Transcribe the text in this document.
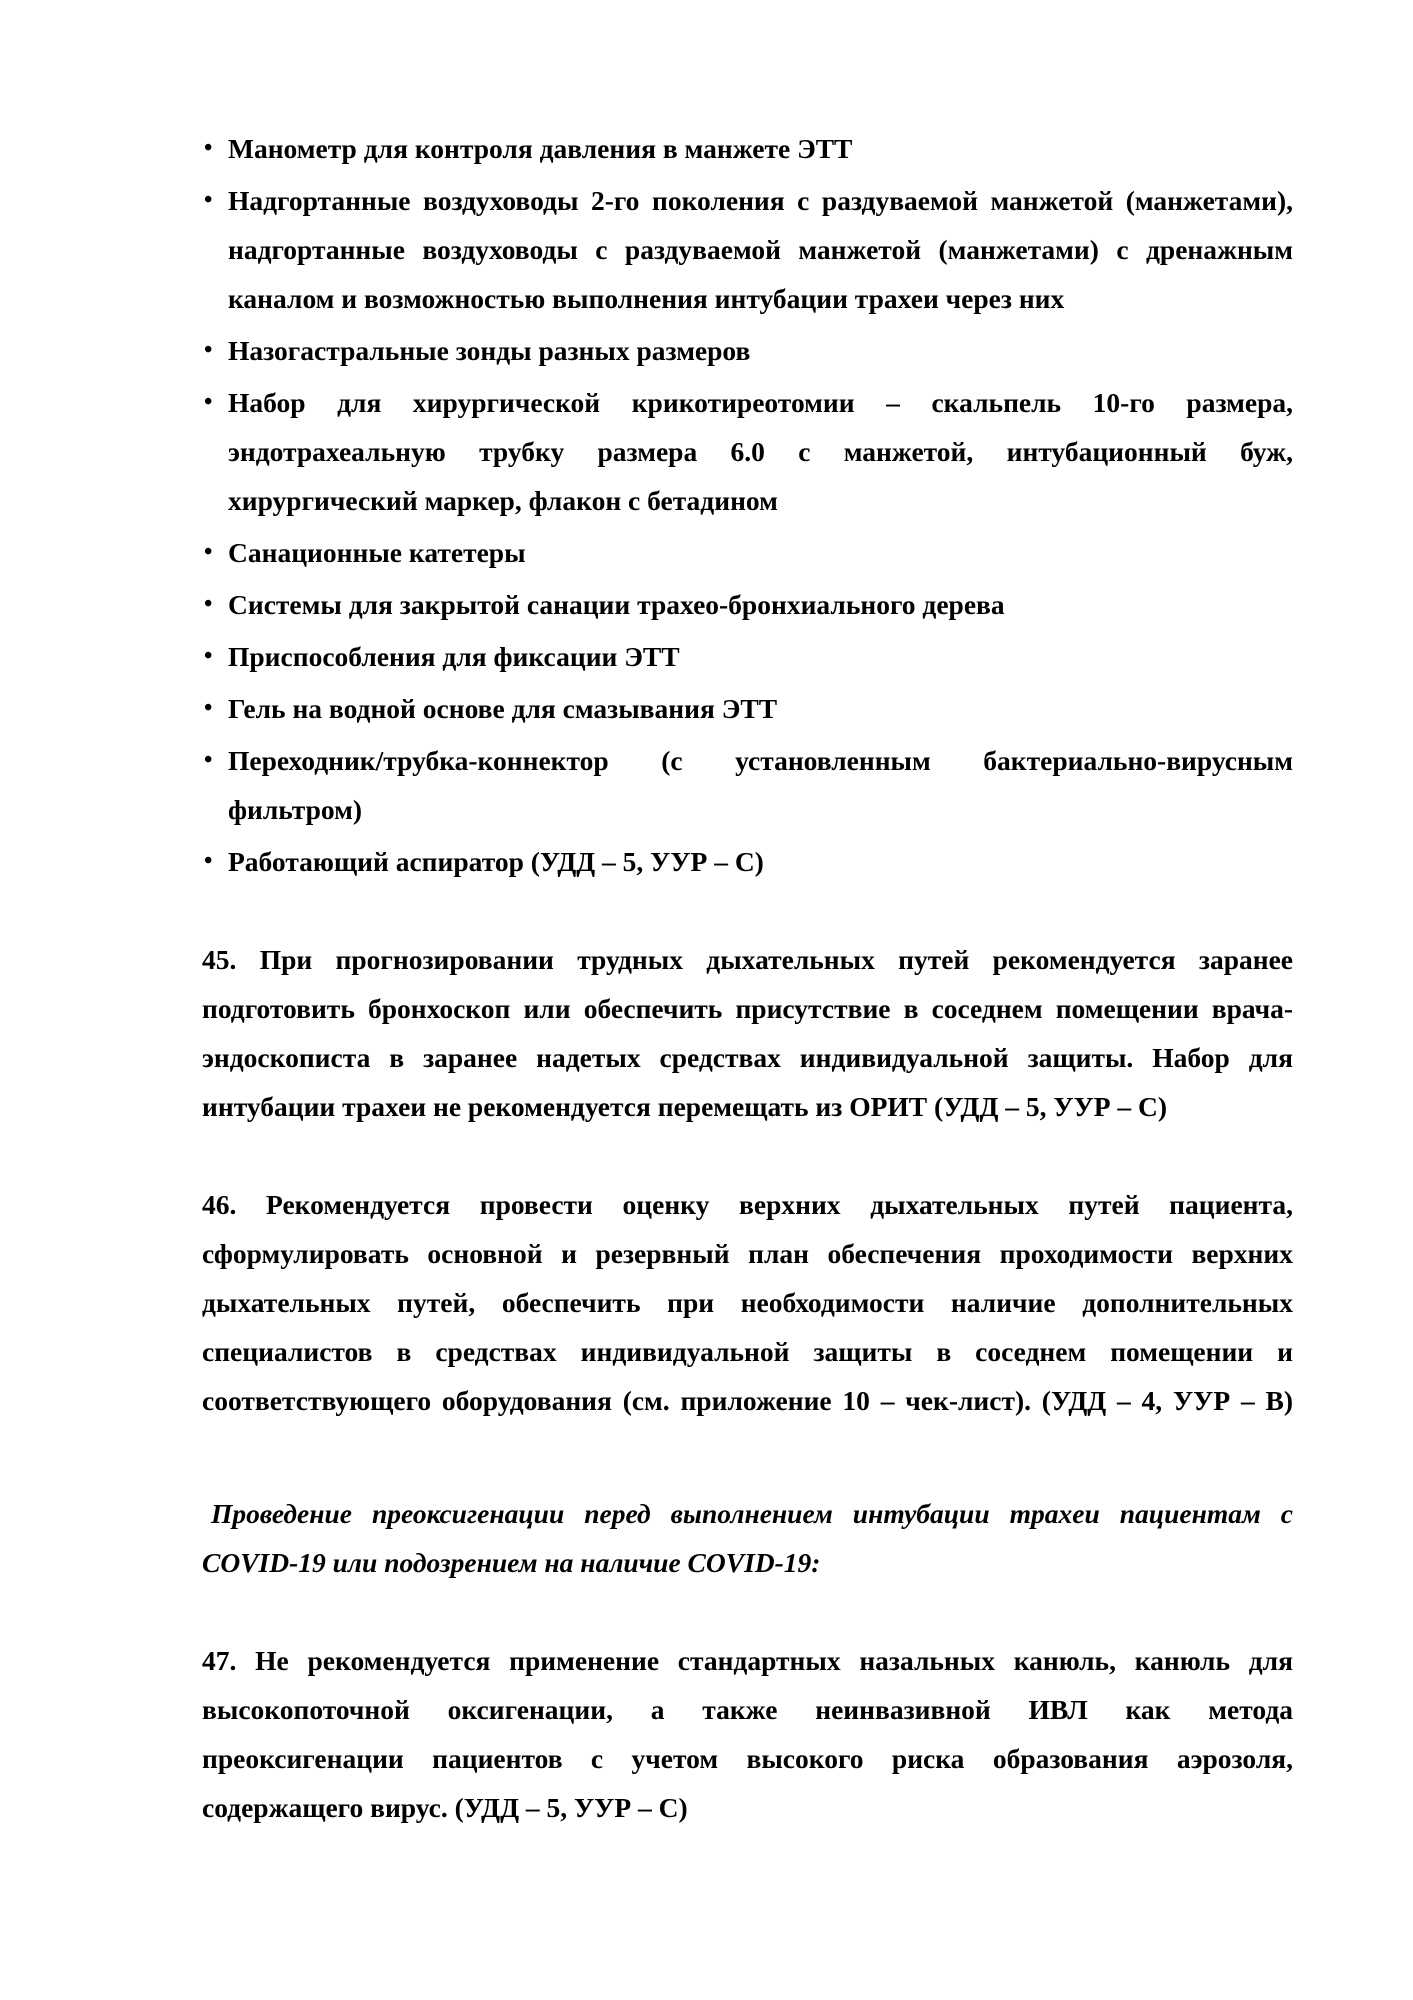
• Манометр для контроля давления в манжете ЭТТ
• Надгортанные воздуховоды 2-го поколения с раздуваемой манжетой (манжетами),
надгортанные воздуховоды с раздуваемой манжетой (манжетами) с дренажным
каналом и возможностью выполнения интубации трахеи через них
• Назогастральные зонды разных размеров
• Набор для хирургической крикотиреотомии – скальпель 10-го размера,
эндотрахеальную трубку размера 6.0 с манжетой, интубационный буж,
хирургический маркер, флакон с бетадином
• Санационные катетеры
• Системы для закрытой санации трахео-бронхиального дерева
• Приспособления для фиксации ЭТТ
• Гель на водной основе для смазывания ЭТТ
• Переходник/трубка-коннектор (с установленным бактериально-вирусным
фильтром)
• Работающий аспиратор (УДД – 5, УУР – С)
45. При прогнозировании трудных дыхательных путей рекомендуется заранее
подготовить бронхоскоп или обеспечить присутствие в соседнем помещении врача-
эндоскописта в заранее надетых средствах индивидуальной защиты. Набор для
интубации трахеи не рекомендуется перемещать из ОРИТ (УДД – 5, УУР – С)
46. Рекомендуется провести оценку верхних дыхательных путей пациента,
сформулировать основной и резервный план обеспечения проходимости верхних
дыхательных путей, обеспечить при необходимости наличие дополнительных
специалистов в средствах индивидуальной защиты в соседнем помещении и
соответствующего оборудования (см. приложение 10 – чек-лист). (УДД – 4, УУР – В)
Проведение преоксигенации перед выполнением интубации трахеи пациентам с
COVID-19 или подозрением на наличие COVID-19:
47. Не рекомендуется применение стандартных назальных канюль, канюль для
высокопоточной оксигенации, а также неинвазивной ИВЛ как метода
преоксигенации пациентов с учетом высокого риска образования аэрозоля,
содержащего вирус. (УДД – 5, УУР – С)
